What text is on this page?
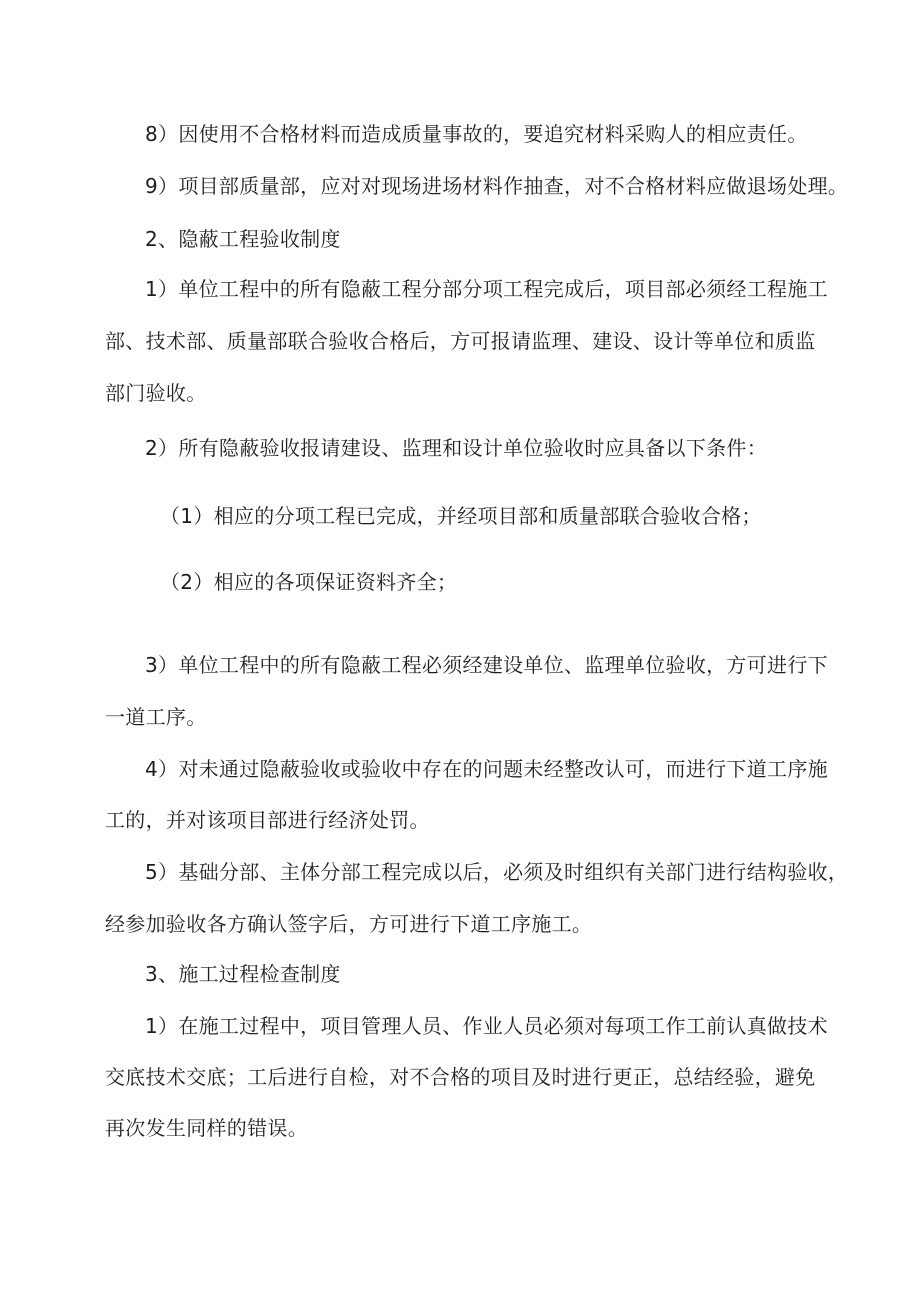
8）因使用不合格材料而造成质量事故的，要追究材料采购人的相应责任。
9）项目部质量部，应对对现场进场材料作抽查，对不合格材料应做退场处理。
2、隐蔽工程验收制度
1）单位工程中的所有隐蔽工程分部分项工程完成后，项目部必须经工程施工
部、技术部、质量部联合验收合格后，方可报请监理、建设、设计等单位和质监
部门验收。
2）所有隐蔽验收报请建设、监理和设计单位验收时应具备以下条件：
（1）相应的分项工程已完成，并经项目部和质量部联合验收合格；
（2）相应的各项保证资料齐全；
3）单位工程中的所有隐蔽工程必须经建设单位、监理单位验收，方可进行下
一道工序。
4）对未通过隐蔽验收或验收中存在的问题未经整改认可，而进行下道工序施
工的，并对该项目部进行经济处罚。
5）基础分部、主体分部工程完成以后，必须及时组织有关部门进行结构验收，
经参加验收各方确认签字后，方可进行下道工序施工。
3、施工过程检查制度
1）在施工过程中，项目管理人员、作业人员必须对每项工作工前认真做技术
交底技术交底；工后进行自检，对不合格的项目及时进行更正，总结经验，避免
再次发生同样的错误。
